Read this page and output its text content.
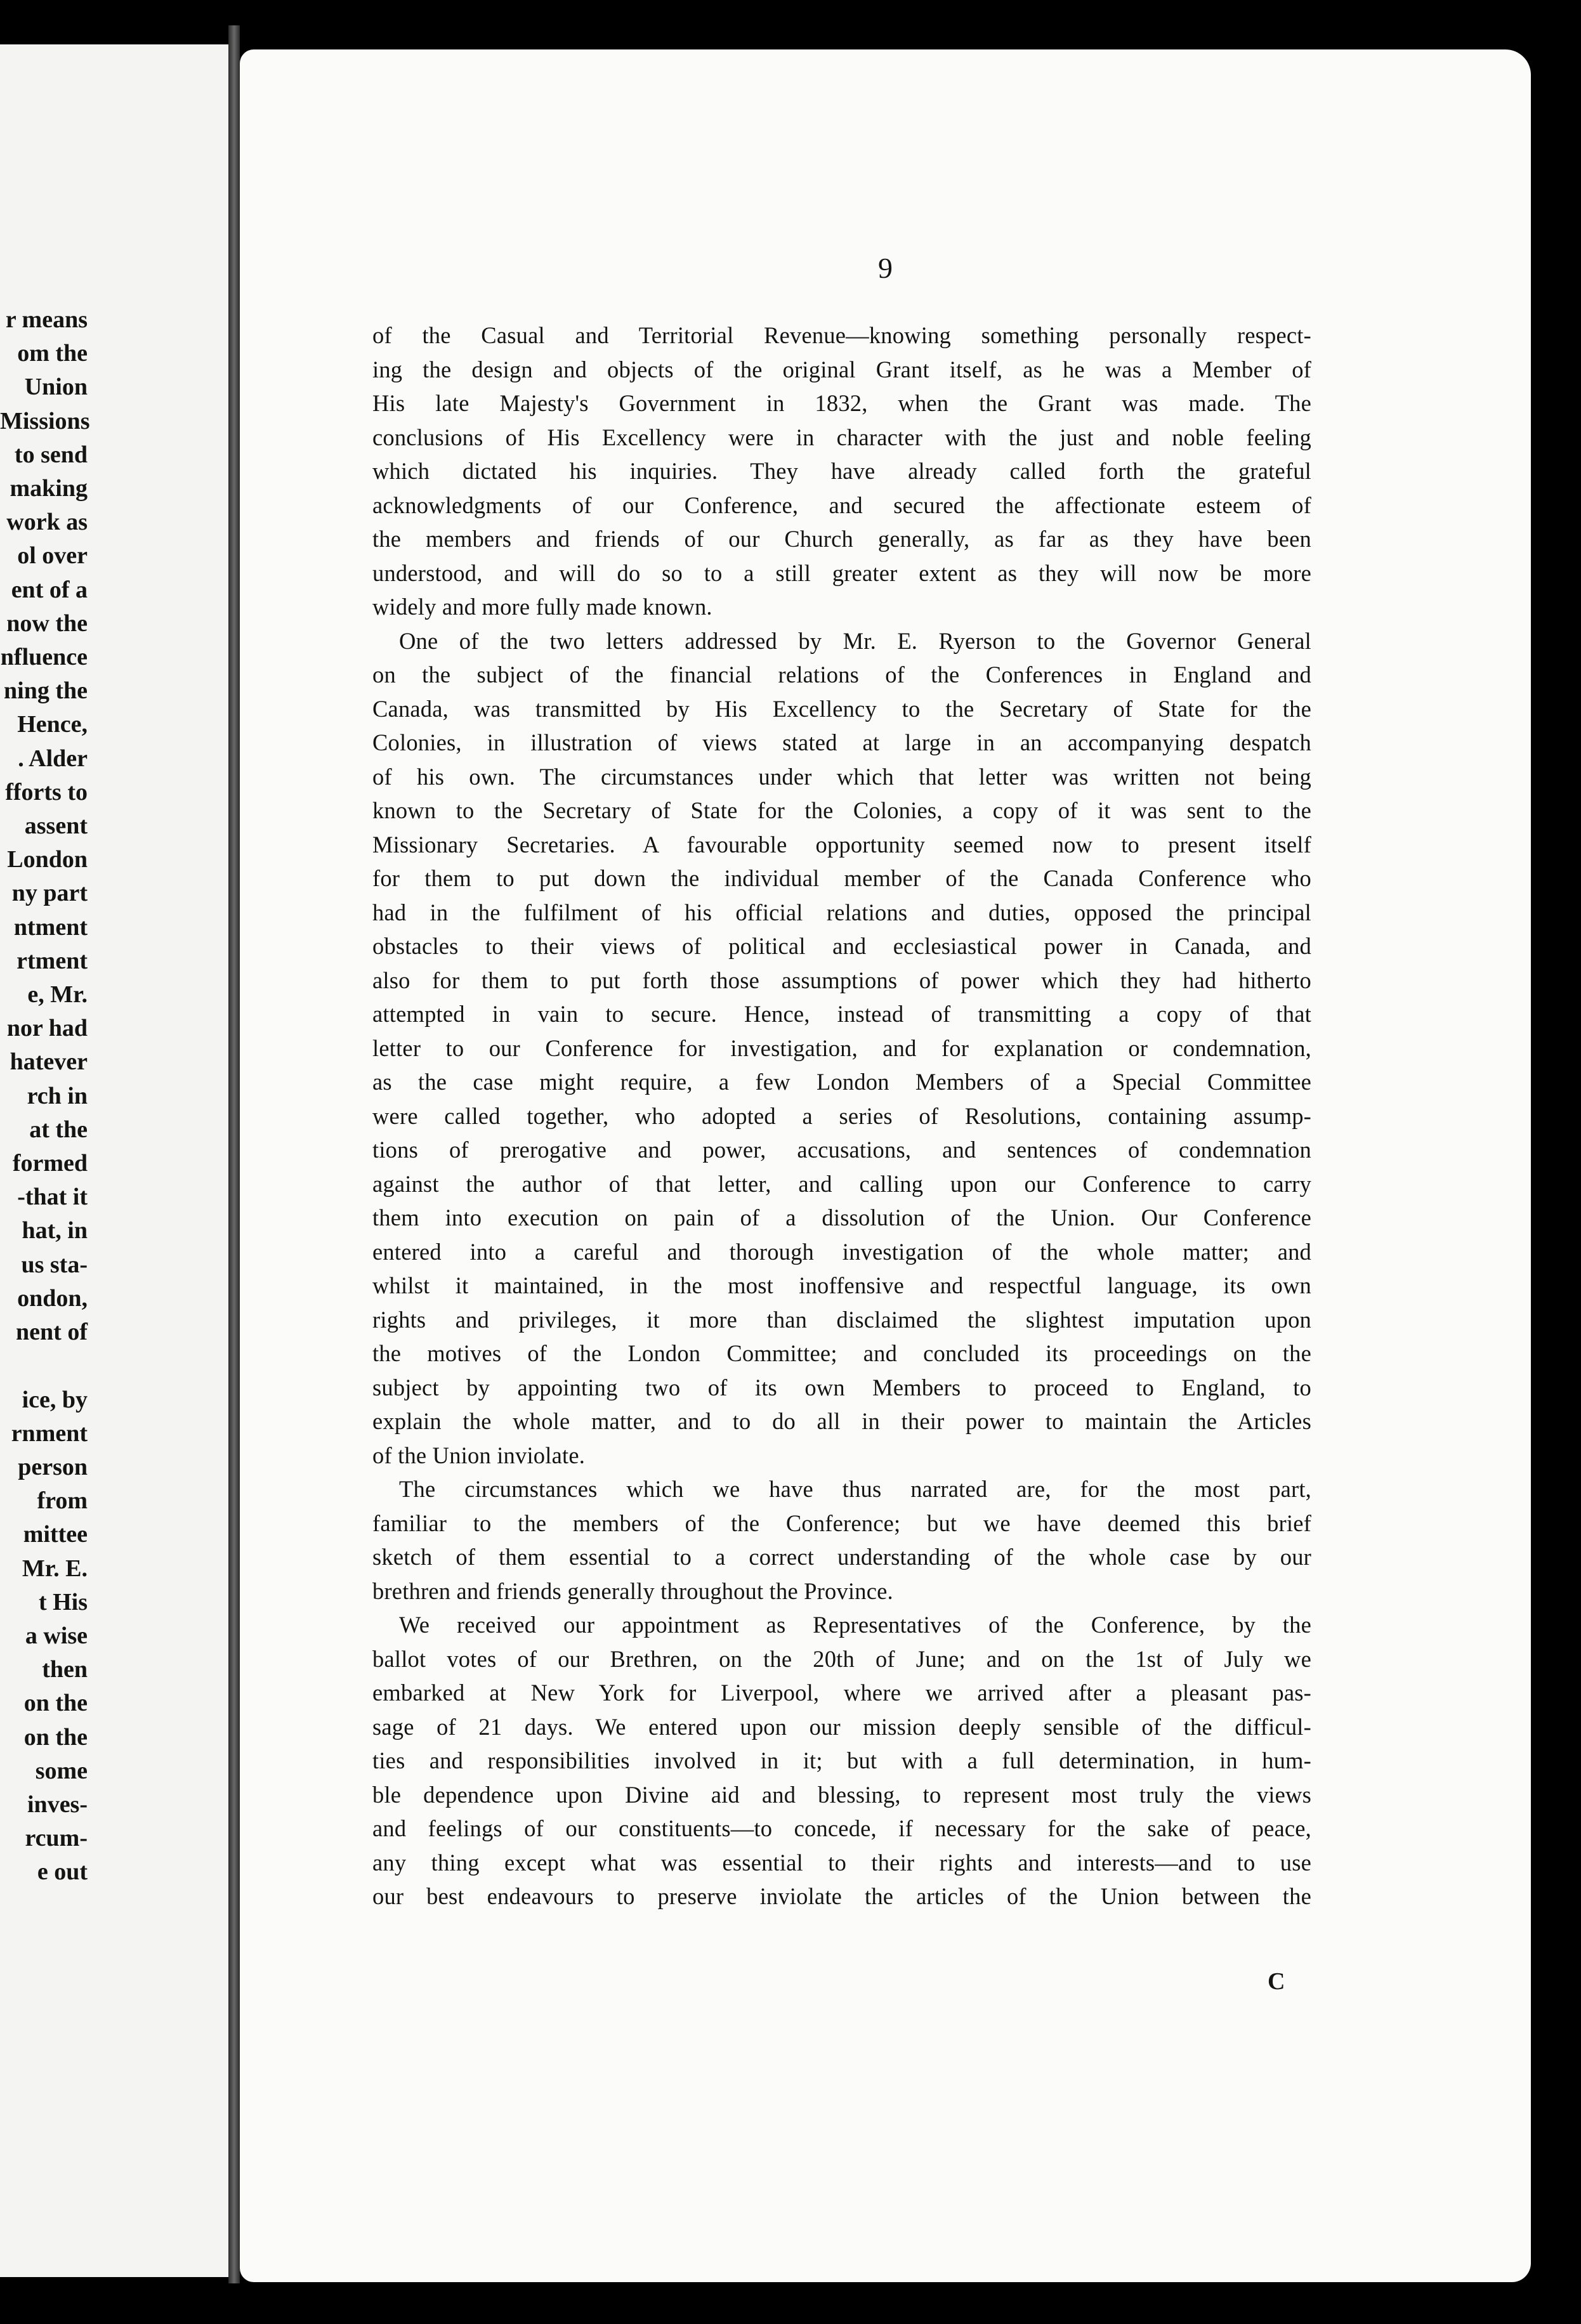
r means
om the
Union
Missions
to send
making
work as
ol over
ent of a
now the
nfluence
ning the
Hence,
. Alder
fforts to
assent
London
ny part
ntment
rtment
e, Mr.
nor had
hatever
rch in
at the
formed
-that it
hat, in
us sta-
ondon,
nent of

ice, by
rnment
person
from
mittee
Mr. E.
t His
a wise
then
on the
on the
some
inves-
rcum-
e out
9
of the Casual and Territorial Revenue—knowing something personally respect-
ing the design and objects of the original Grant itself, as he was a Member of
His late Majesty's Government in 1832, when the Grant was made. The
conclusions of His Excellency were in character with the just and noble feeling
which dictated his inquiries. They have already called forth the grateful
acknowledgments of our Conference, and secured the affectionate esteem of
the members and friends of our Church generally, as far as they have been
understood, and will do so to a still greater extent as they will now be more
widely and more fully made known.
One of the two letters addressed by Mr. E. Ryerson to the Governor General
on the subject of the financial relations of the Conferences in England and
Canada, was transmitted by His Excellency to the Secretary of State for the
Colonies, in illustration of views stated at large in an accompanying despatch
of his own. The circumstances under which that letter was written not being
known to the Secretary of State for the Colonies, a copy of it was sent to the
Missionary Secretaries. A favourable opportunity seemed now to present itself
for them to put down the individual member of the Canada Conference who
had in the fulfilment of his official relations and duties, opposed the principal
obstacles to their views of political and ecclesiastical power in Canada, and
also for them to put forth those assumptions of power which they had hitherto
attempted in vain to secure. Hence, instead of transmitting a copy of that
letter to our Conference for investigation, and for explanation or condemnation,
as the case might require, a few London Members of a Special Committee
were called together, who adopted a series of Resolutions, containing assump-
tions of prerogative and power, accusations, and sentences of condemnation
against the author of that letter, and calling upon our Conference to carry
them into execution on pain of a dissolution of the Union. Our Conference
entered into a careful and thorough investigation of the whole matter; and
whilst it maintained, in the most inoffensive and respectful language, its own
rights and privileges, it more than disclaimed the slightest imputation upon
the motives of the London Committee; and concluded its proceedings on the
subject by appointing two of its own Members to proceed to England, to
explain the whole matter, and to do all in their power to maintain the Articles
of the Union inviolate.
The circumstances which we have thus narrated are, for the most part,
familiar to the members of the Conference; but we have deemed this brief
sketch of them essential to a correct understanding of the whole case by our
brethren and friends generally throughout the Province.
We received our appointment as Representatives of the Conference, by the
ballot votes of our Brethren, on the 20th of June; and on the 1st of July we
embarked at New York for Liverpool, where we arrived after a pleasant pas-
sage of 21 days. We entered upon our mission deeply sensible of the difficul-
ties and responsibilities involved in it; but with a full determination, in hum-
ble dependence upon Divine aid and blessing, to represent most truly the views
and feelings of our constituents—to concede, if necessary for the sake of peace,
any thing except what was essential to their rights and interests—and to use
our best endeavours to preserve inviolate the articles of the Union between the
C
